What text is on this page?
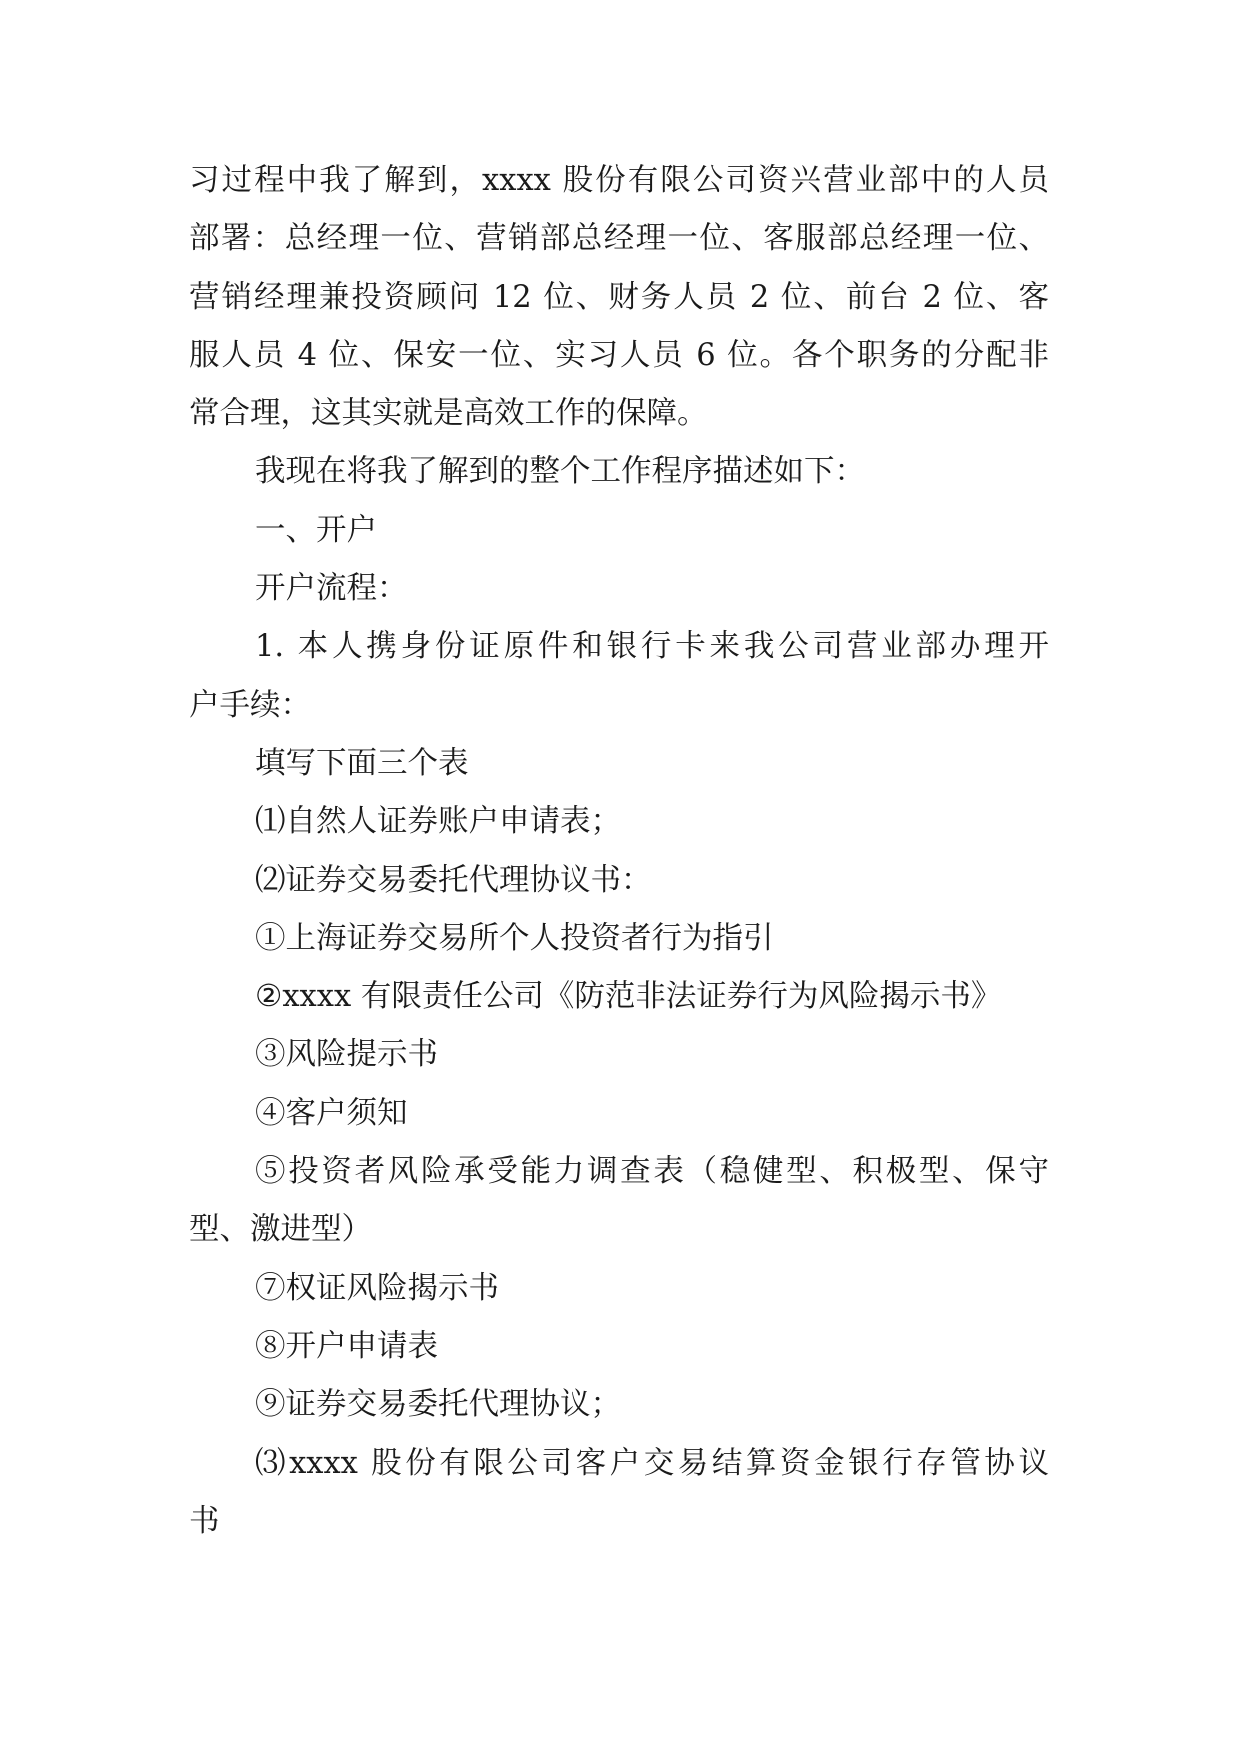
习过程中我了解到，xxxx 股份有限公司资兴营业部中的人员
部署：总经理一位、营销部总经理一位、客服部总经理一位、
营销经理兼投资顾问 12 位、财务人员 2 位、前台 2 位、客
服人员 4 位、保安一位、实习人员 6 位。各个职务的分配非
常合理，这其实就是高效工作的保障。
我现在将我了解到的整个工作程序描述如下：
一、开户
开户流程：
1. 本人携身份证原件和银行卡来我公司营业部办理开
户手续：
填写下面三个表
⑴自然人证券账户申请表；
⑵证券交易委托代理协议书：
①上海证券交易所个人投资者行为指引
②xxxx 有限责任公司《防范非法证券行为风险揭示书》
③风险提示书
④客户须知
⑤投资者风险承受能力调查表（稳健型、积极型、保守
型、激进型）
⑦权证风险揭示书
⑧开户申请表
⑨证券交易委托代理协议；
⑶xxxx 股份有限公司客户交易结算资金银行存管协议
书
